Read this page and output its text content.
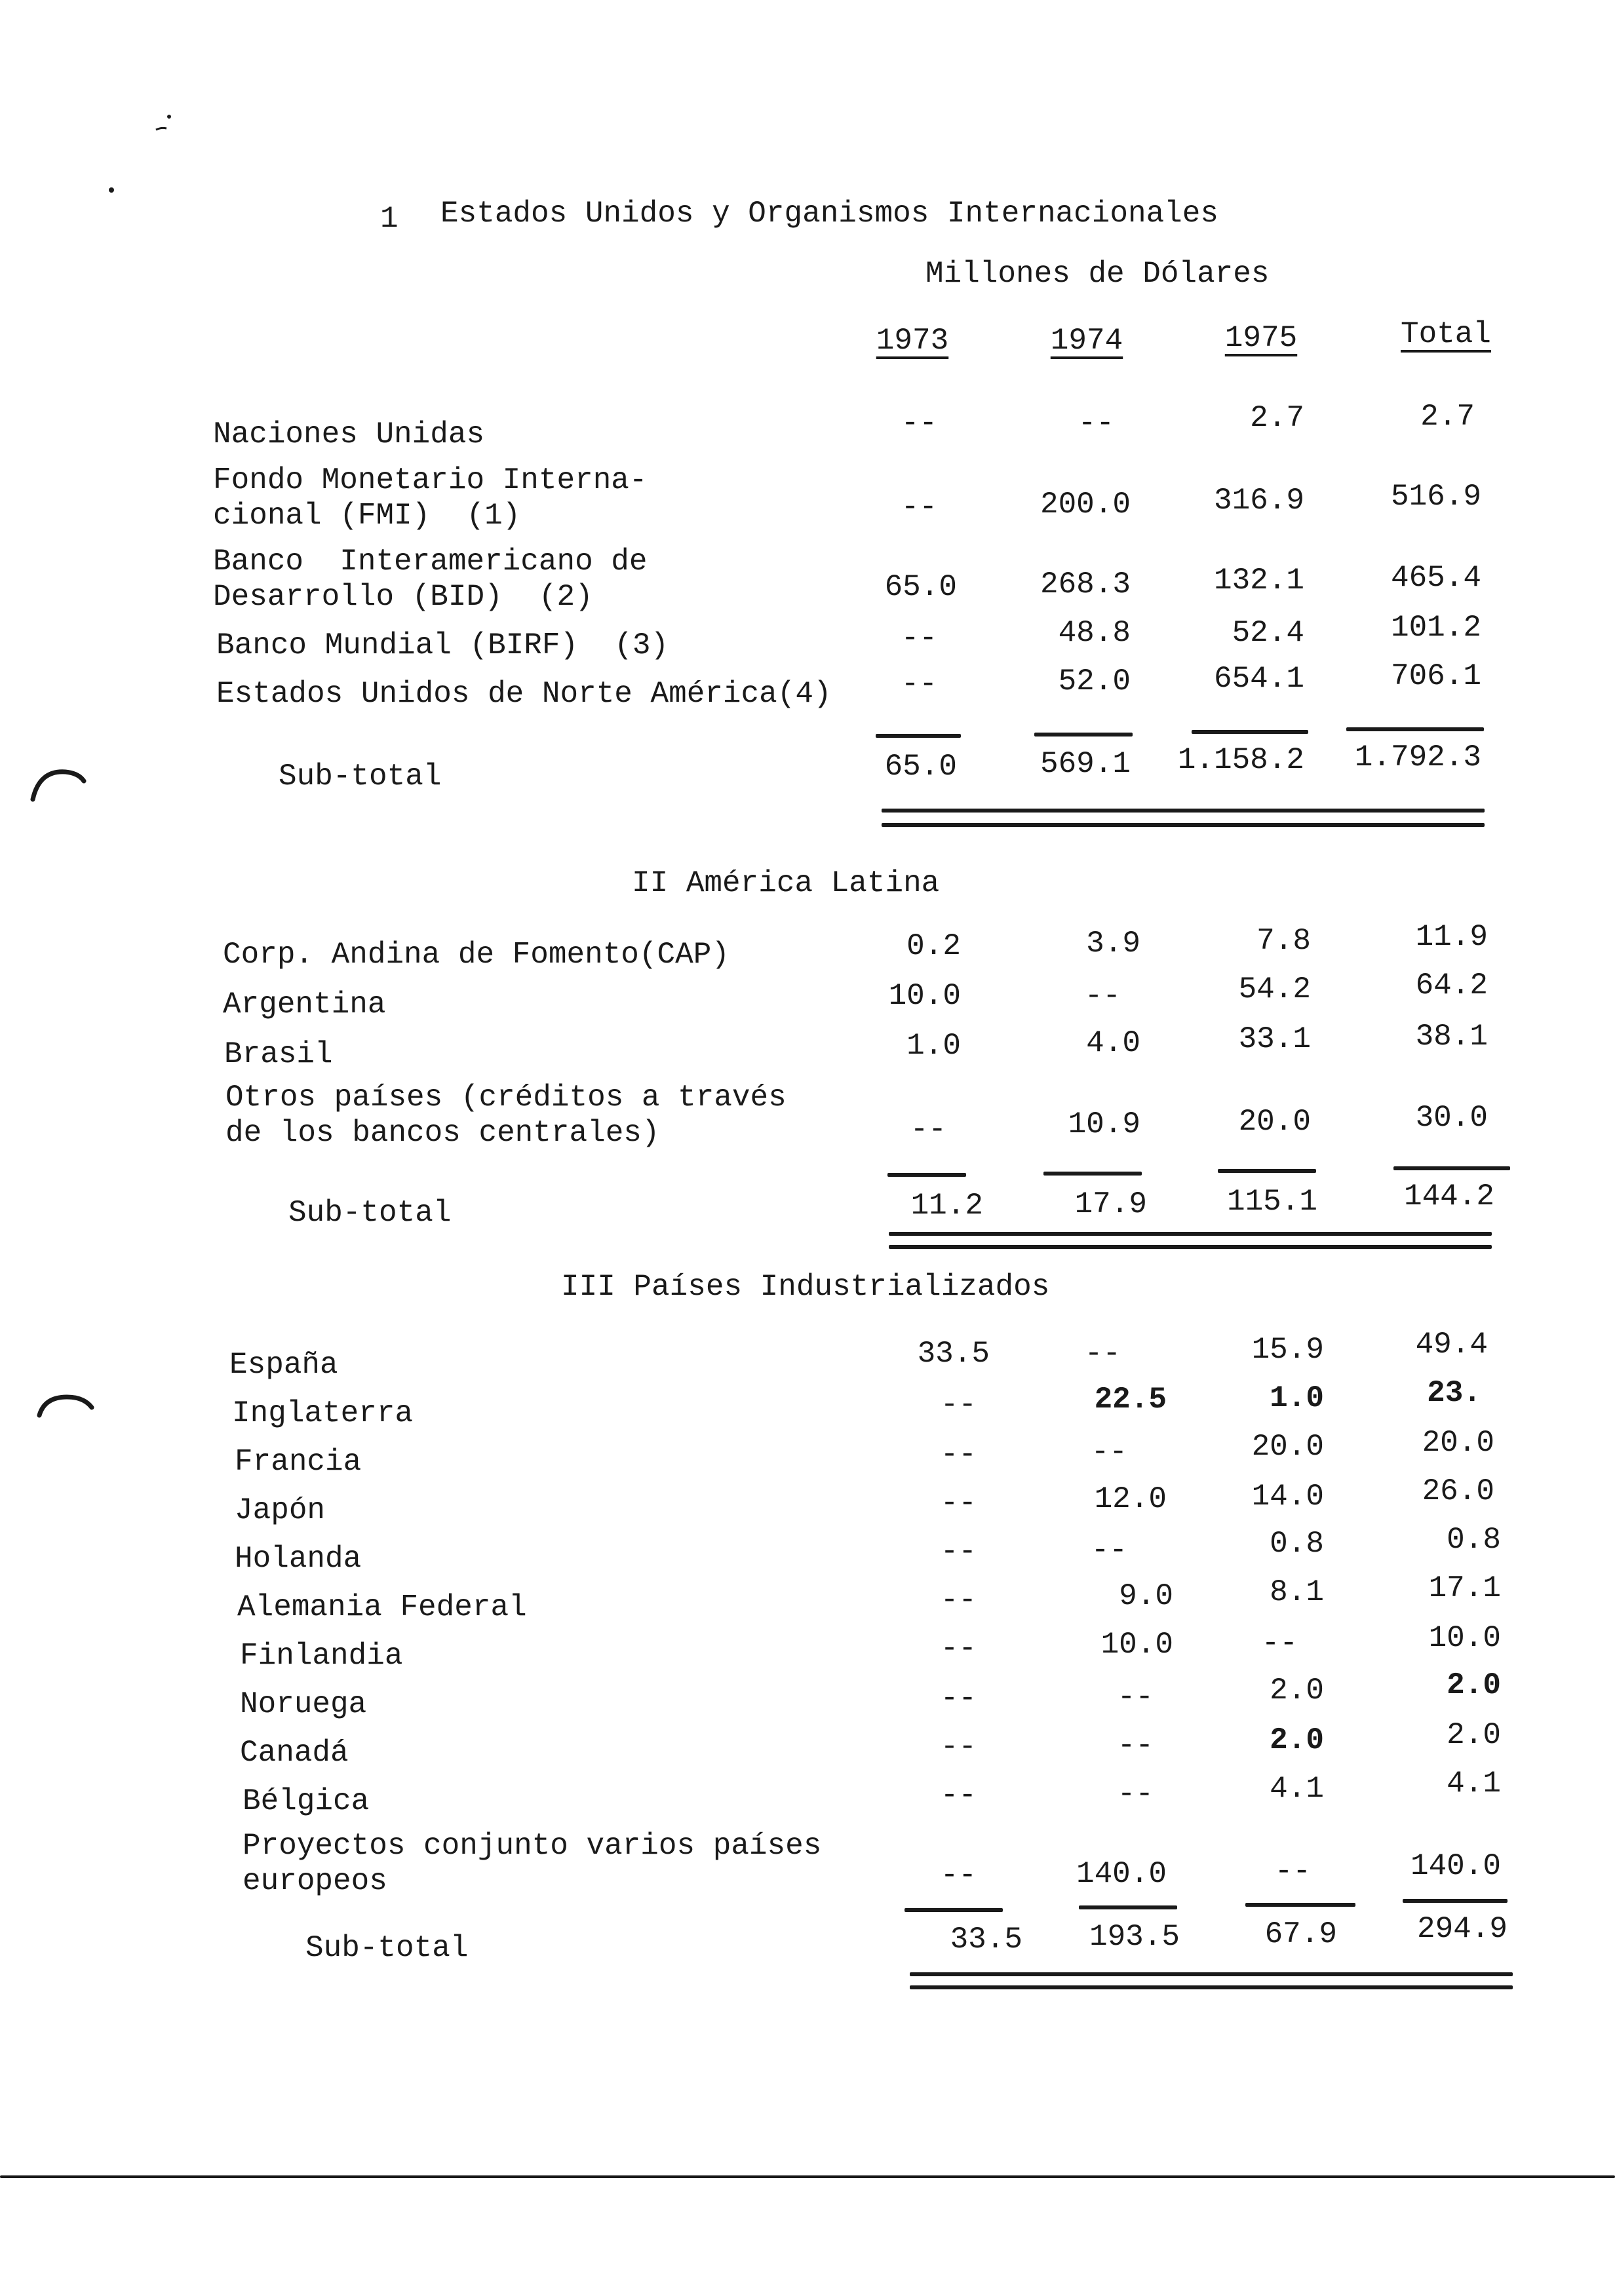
1 Estados Unidos y Organismos Internacionales
Millones de Dólares
1973	1974	1975	Total
Naciones Unidas	--	--	2.7	2.7
Fondo Monetario Interna-
cional (FMI)  (1)	--	200.0	316.9	516.9
Banco  Interamericano de
Desarrollo (BID)  (2)	65.0	268.3	132.1	465.4
Banco Mundial (BIRF)  (3)	--	48.8	52.4	101.2
Estados Unidos de Norte América(4)	--	52.0	654.1	706.1
Sub-total	65.0	569.1	1.158.2	1.792.3
II América Latina
Corp. Andina de Fomento(CAP)	0.2	3.9	7.8	11.9
Argentina	10.0	--	54.2	64.2
Brasil	1.0	4.0	33.1	38.1
Otros países (créditos a través
de los bancos centrales)	--	10.9	20.0	30.0
Sub-total	11.2	17.9	115.1	144.2
III Países Industrializados
España	33.5	--	15.9	49.4
Inglaterra	--	22.5	1.0	23.
Francia	--	--	20.0	20.0
Japón	--	12.0	14.0	26.0
Holanda	--	--	0.8	0.8
Alemania Federal	--	9.0	8.1	17.1
Finlandia	--	10.0	--	10.0
Noruega	--	--	2.0	2.0
Canadá	--	--	2.0	2.0
Bélgica	--	--	4.1	4.1
Proyectos conjunto varios países
europeos	--	140.0	--	140.0
Sub-total	33.5	193.5	67.9	294.9
